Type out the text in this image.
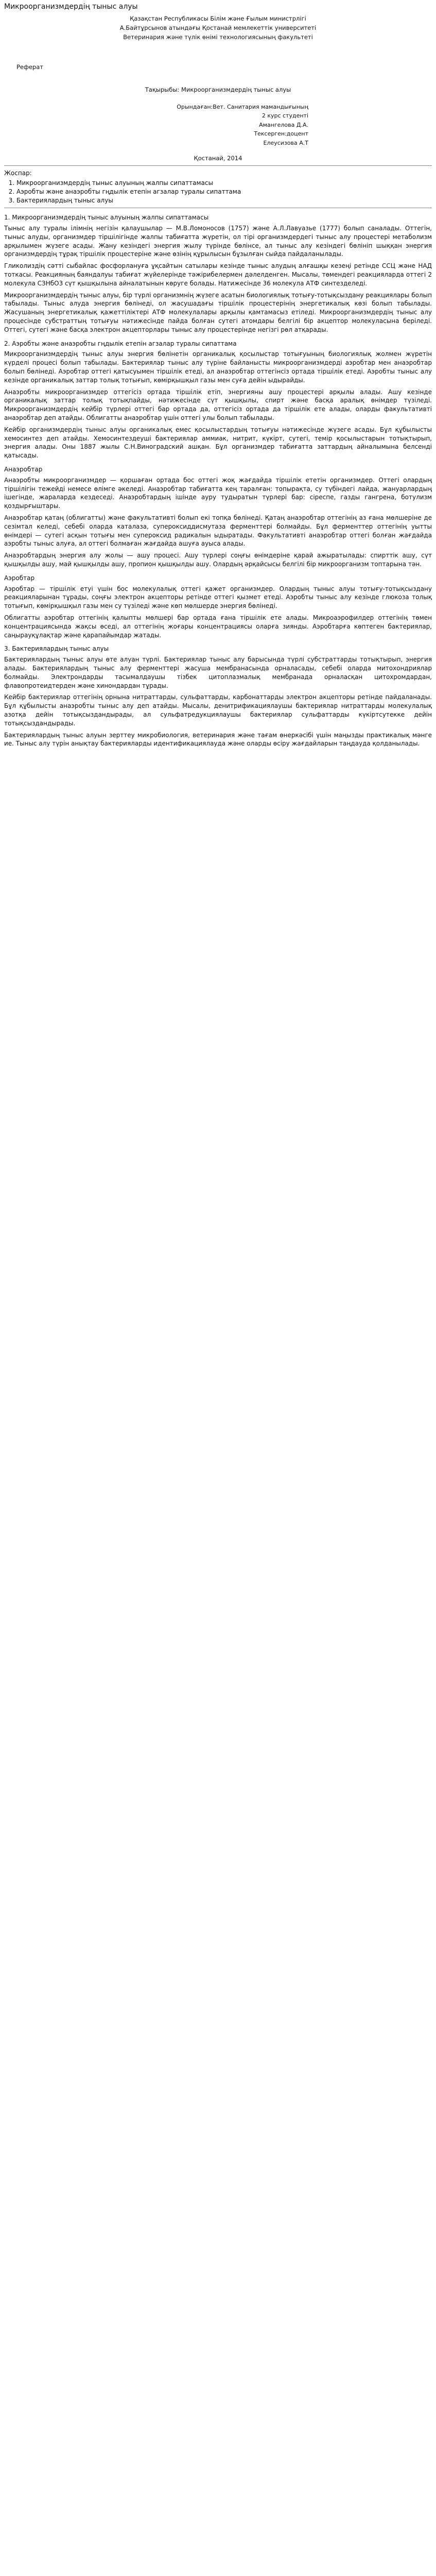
Микроорганизмдердің тыныс алуы
Қазақстан Республикасы Білім және Ғылым министрлігі
А.Байтұрсынов атындағы Қостанай мемлекеттік университеті
Ветеринария және түлік өнімі технологиясының факультеті
Реферат
Тақырыбы: Микроорганизмдердің тыныс алуы
Орындаған:Вет. Санитария мамандығының
2 курс студенті
Амангелова Д.А.
Тексерген:доцент
Елеусизова А.Т
Қостанай, 2014
Жоспар:
1. Микроорганизмдердің тыныс алуының жалпы сипаттамасы
2. Аэробты және анаэробты гңдылік етепін агзалар туралы сипаттама
3. Бактериялардың тыныс алуы
1. Микроорганизмдердің тыныс алуының жалпы сипаттамасы

Тыныс алу туралы ілімнің негізін қалаушылар — М.В.Ломоносов (1757) және А.Л.Лавуазье (1777) болып саналады. Оттегін, тыныс алуды, организмдер тіршілігінде жалпы табиғатта жүретін, ол тірі организмдердегі тыныс алу процестері метаболизм арқылымен жүзеге асады. Жану кезіндегі энергия жылу түрінде бөлінсе, ал тыныс алу кезіндегі бөлініп шыққан энергия организмдердің тұрақ тіршілік процестеріне және өзінің құрылысын бұзылған сыйда пайдаланылады.

Гликолиздің сәтті сыбайлас фосфорлануға ұқсайтын сатылары кезінде тыныс алудың алғашқы кезеңі ретінде ССЦ және НАД тоткасы. Реакцияның баяндалуы табиғат жүйелерінде тәжірибелермен дәлелденген. Мысалы, төмендегі реакцияларда оттегі 2 молекула СЗНбО3 сүт қышқылына айналатынын көруге болады. Натижесінде 36 молекула АТФ синтезделеді.

Микроорганизмдердің тыныс алуы, бір түрлі организмнің жүзеге асатын биологиялық тотығу-тотықсыздану реакциялары болып табылады. Тыныс алуда энергия бөлінеді, ол жасушадағы тіршілік процестерінің энергетикалық көзі болып табылады. Жасушаның энергетикалық қажеттіліктері АТФ молекулалары арқылы қамтамасыз етіледі. Микроорганизмдердің тыныс алу процесінде субстраттың тотығуы нәтижесінде пайда болған сутегі атомдары белгілі бір акцептор молекуласына беріледі. Оттегі, сутегі және басқа электрон акцепторлары тыныс алу процестерінде негізгі рөл атқарады.

2. Аэробты және анаэробты гңдылік етепін агзалар туралы сипаттама

Микроорганизмдердің тыныс алуы энергия бөлінетін органикалық қосылыстар тотығуының биологиялық жолмен жүретін күрделі процесі болып табылады. Бактериялар тыныс алу түріне байланысты микроорганизмдерді аэробтар мен анаэробтар болып бөлінеді. Аэробтар оттегі қатысуымен тіршілік етеді, ал анаэробтар оттегінсіз ортада тіршілік етеді. Аэробты тыныс алу кезінде органикалық заттар толық тотығып, көмірқышқыл газы мен суға дейін ыдырайды.

Анаэробты микроорганизмдер оттегісіз ортада тіршілік етіп, энергияны ашу процестері арқылы алады. Ашу кезінде органикалық заттар толық тотықпайды, нәтижесінде сүт қышқылы, спирт және басқа аралық өнімдер түзіледі. Микроорганизмдердің кейбір түрлері оттегі бар ортада да, оттегісіз ортада да тіршілік ете алады, оларды факультативті анаэробтар деп атайды. Облигатты анаэробтар үшін оттегі улы болып табылады.

Кейбір организмдердің тыныс алуы органикалық емес қосылыстардың тотығуы нәтижесінде жүзеге асады. Бұл құбылысты хемосинтез деп атайды. Хемосинтездеуші бактериялар аммиак, нитрит, күкірт, сутегі, темір қосылыстарын тотықтырып, энергия алады. Оны 1887 жылы С.Н.Виноградский ашқан. Бұл организмдер табиғатта заттардың айналымына белсенді қатысады.

Анаэробтар

Анаэробты микроорганизмдер — қоршаған ортада бос оттегі жоқ жағдайда тіршілік ететін организмдер. Оттегі олардың тіршілігін тежейді немесе өлімге әкеледі. Анаэробтар табиғатта кең таралған: топырақта, су түбіндегі лайда, жануарлардың ішегінде, жараларда кездеседі. Анаэробтардың ішінде ауру тудыратын түрлері бар: сіреспе, газды гангрена, ботулизм қоздырғыштары.

Анаэробтар қатаң (облигатты) және факультативті болып екі топқа бөлінеді. Қатаң анаэробтар оттегінің аз ғана мөлшеріне де сезімтал келеді, себебі оларда каталаза, супероксиддисмутаза ферменттері болмайды. Бұл ферменттер оттегінің уытты өнімдері — сутегі асқын тотығы мен супероксид радикалын ыдыратады. Факультативті анаэробтар оттегі болған жағдайда аэробты тыныс алуға, ал оттегі болмаған жағдайда ашуға ауыса алады.

Анаэробтардың энергия алу жолы — ашу процесі. Ашу түрлері соңғы өнімдеріне қарай ажыратылады: спирттік ашу, сүт қышқылды ашу, май қышқылды ашу, пропион қышқылды ашу. Олардың әрқайсысы белгілі бір микроорганизм топтарына тән.

Аэробтар

Аэробтар — тіршілік етуі үшін бос молекулалық оттегі қажет организмдер. Олардың тыныс алуы тотығу-тотықсыздану реакцияларынан тұрады, соңғы электрон акцепторы ретінде оттегі қызмет етеді. Аэробты тыныс алу кезінде глюкоза толық тотығып, көмірқышқыл газы мен су түзіледі және көп мөлшерде энергия бөлінеді.

Облигатты аэробтар оттегінің қалыпты мөлшері бар ортада ғана тіршілік ете алады. Микроаэрофилдер оттегінің төмен концентрациясында жақсы өседі, ал оттегінің жоғары концентрациясы оларға зиянды. Аэробтарға көптеген бактериялар, саңырауқұлақтар және қарапайымдар жатады.

3. Бактериялардың тыныс алуы

Бактериялардың тыныс алуы өте алуан түрлі. Бактериялар тыныс алу барысында түрлі субстраттарды тотықтырып, энергия алады. Бактериялардың тыныс алу ферменттері жасуша мембранасында орналасады, себебі оларда митохондриялар болмайды. Электрондарды тасымалдаушы тізбек цитоплазмалық мембранада орналасқан цитохромдардан, флавопротеидтерден және хинондардан тұрады.

Кейбір бактериялар оттегінің орнына нитраттарды, сульфаттарды, карбонаттарды электрон акцепторы ретінде пайдаланады. Бұл құбылысты анаэробты тыныс алу деп атайды. Мысалы, денитрификациялаушы бактериялар нитраттарды молекулалық азотқа дейін тотықсыздандырады, ал сульфатредукциялаушы бактериялар сульфаттарды күкіртсутекке дейін тотықсыздандырады.

Бактериялардың тыныс алуын зерттеу микробиология, ветеринария және тағам өнеркәсібі үшін маңызды практикалық мәнге ие. Тыныс алу түрін анықтау бактерияларды идентификациялауда және оларды өсіру жағдайларын таңдауда қолданылады.
